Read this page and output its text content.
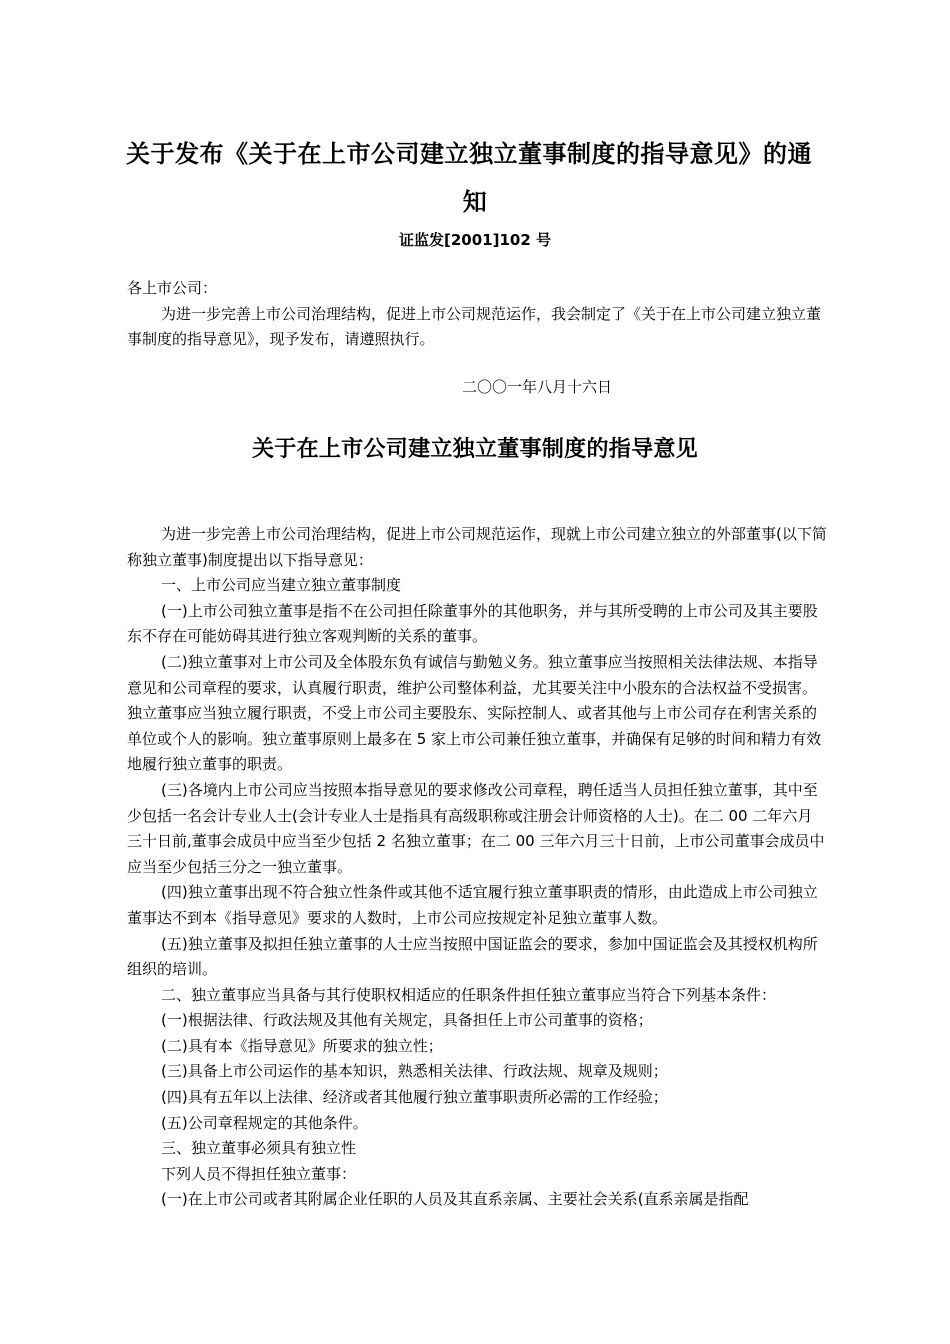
关于发布《关于在上市公司建立独立董事制度的指导意见》的通
知
证监发[2001]102 号

各上市公司：

为进一步完善上市公司治理结构，促进上市公司规范运作，我会制定了《关于在上市公司建立独立董事制度的指导意见》，现予发布，请遵照执行。

二〇〇一年八月十六日
关于在上市公司建立独立董事制度的指导意见

为进一步完善上市公司治理结构，促进上市公司规范运作，现就上市公司建立独立的外部董事(以下简称独立董事)制度提出以下指导意见：

一、上市公司应当建立独立董事制度

(一)上市公司独立董事是指不在公司担任除董事外的其他职务，并与其所受聘的上市公司及其主要股东不存在可能妨碍其进行独立客观判断的关系的董事。

(二)独立董事对上市公司及全体股东负有诚信与勤勉义务。独立董事应当按照相关法律法规、本指导意见和公司章程的要求，认真履行职责，维护公司整体利益，尤其要关注中小股东的合法权益不受损害。独立董事应当独立履行职责，不受上市公司主要股东、实际控制人、或者其他与上市公司存在利害关系的单位或个人的影响。独立董事原则上最多在 5 家上市公司兼任独立董事，并确保有足够的时间和精力有效地履行独立董事的职责。

(三)各境内上市公司应当按照本指导意见的要求修改公司章程，聘任适当人员担任独立董事，其中至少包括一名会计专业人士(会计专业人士是指具有高级职称或注册会计师资格的人士)。在二 00 二年六月三十日前,董事会成员中应当至少包括 2 名独立董事；在二 00 三年六月三十日前，上市公司董事会成员中应当至少包括三分之一独立董事。

(四)独立董事出现不符合独立性条件或其他不适宜履行独立董事职责的情形，由此造成上市公司独立董事达不到本《指导意见》要求的人数时，上市公司应按规定补足独立董事人数。

(五)独立董事及拟担任独立董事的人士应当按照中国证监会的要求，参加中国证监会及其授权机构所组织的培训。

二、独立董事应当具备与其行使职权相适应的任职条件担任独立董事应当符合下列基本条件：

(一)根据法律、行政法规及其他有关规定，具备担任上市公司董事的资格；

(二)具有本《指导意见》所要求的独立性；

(三)具备上市公司运作的基本知识，熟悉相关法律、行政法规、规章及规则；

(四)具有五年以上法律、经济或者其他履行独立董事职责所必需的工作经验；

(五)公司章程规定的其他条件。

三、独立董事必须具有独立性

下列人员不得担任独立董事：

(一)在上市公司或者其附属企业任职的人员及其直系亲属、主要社会关系(直系亲属是指配
